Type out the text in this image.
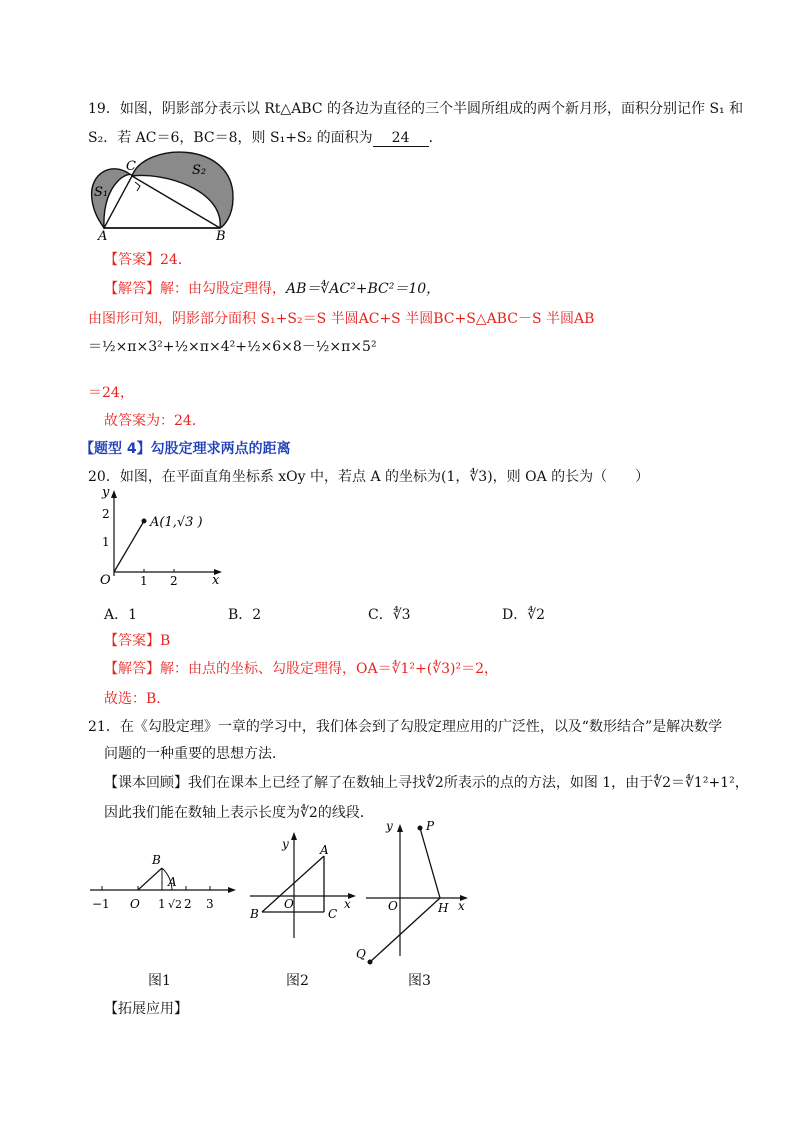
19．如图，阴影部分表示以 Rt△ABC 的各边为直径的三个半圆所组成的两个新月形，面积分别记作 S₁ 和
S₂．若 AC＝6，BC＝8，则 S₁+S₂ 的面积为 24 ．
A	B
C
S₁
S₂
【答案】24．
【解答】解：由勾股定理得，AB＝∜AC²+BC²＝10，
由图形可知，阴影部分面积 S₁+S₂＝S 半圆AC+S 半圆BC+S△ABC－S 半圆AB
＝½×π×3²+½×π×4²+½×6×8－½×π×5²
＝24，
故答案为：24．
【题型 4】勾股定理求两点的距离
20．如图，在平面直角坐标系 xOy 中，若点 A 的坐标为(1，∜3)，则 OA 的长为（　　）
y
x
O 1 2
1
2
A(1,√3 )
A．1	B．2	C．∜3	D．∜2
【答案】B
【解答】解：由点的坐标、勾股定理得，OA＝∜1²+(∜3)²＝2，
故选：B．
21．在《勾股定理》一章的学习中，我们体会到了勾股定理应用的广泛性，以及“数形结合”是解决数学
问题的一种重要的思想方法．
【课本回顾】我们在课本上已经了解了在数轴上寻找∜2所表示的点的方法，如图 1，由于∜2＝∜1²+1²，
因此我们能在数轴上表示长度为∜2的线段．
−1 O 1 √2 2 3
B
A
图1
y
x
O
A
B	C
图2
y
x
O	H
P
Q
图3
【拓展应用】
